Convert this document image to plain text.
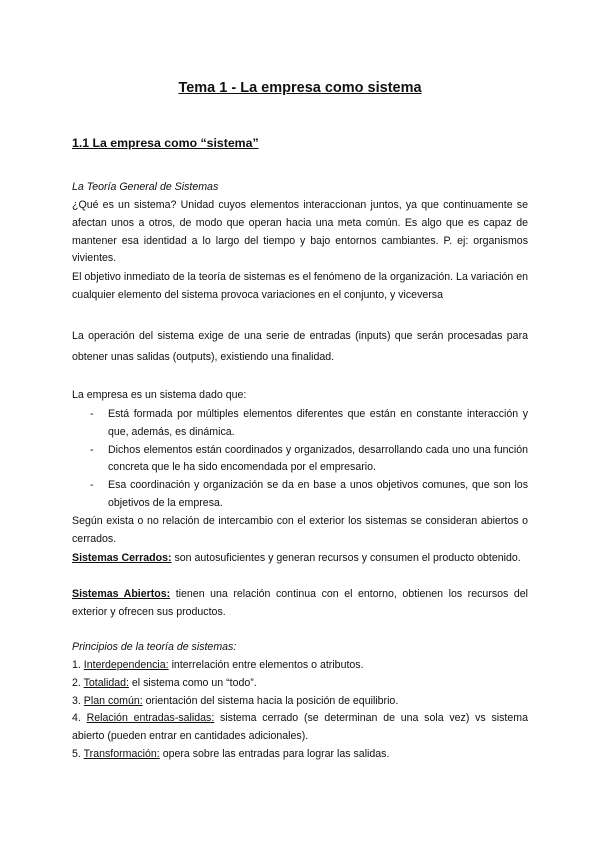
Tema 1 - La empresa como sistema
1.1 La empresa como “sistema”
La Teoría General de Sistemas
¿Qué es un sistema? Unidad cuyos elementos interaccionan juntos, ya que continuamente se afectan unos a otros, de modo que operan hacia una meta común. Es algo que es capaz de mantener esa identidad a lo largo del tiempo y bajo entornos cambiantes. P. ej: organismos vivientes.
El objetivo inmediato de la teoría de sistemas es el fenómeno de la organización. La variación en cualquier elemento del sistema provoca variaciones en el conjunto, y viceversa
La operación del sistema exige de una serie de entradas (inputs) que serán procesadas para obtener unas salidas (outputs), existiendo una finalidad.
La empresa es un sistema dado que:
- Está formada por múltiples elementos diferentes que están en constante interacción y que, además, es dinámica.
- Dichos elementos están coordinados y organizados, desarrollando cada uno una función concreta que le ha sido encomendada por el empresario.
- Esa coordinación y organización se da en base a unos objetivos comunes, que son los objetivos de la empresa.
Según exista o no relación de intercambio con el exterior los sistemas se consideran abiertos o cerrados.
Sistemas Cerrados: son autosuficientes y generan recursos y consumen el producto obtenido.
Sistemas Abiertos: tienen una relación continua con el entorno, obtienen los recursos del exterior y ofrecen sus productos.
Principios de la teoría de sistemas:
1. Interdependencia: interrelación entre elementos o atributos.
2. Totalidad: el sistema como un “todo”.
3. Plan común: orientación del sistema hacia la posición de equilibrio.
4. Relación entradas-salidas: sistema cerrado (se determinan de una sola vez) vs sistema abierto (pueden entrar en cantidades adicionales).
5. Transformación: opera sobre las entradas para lograr las salidas.
